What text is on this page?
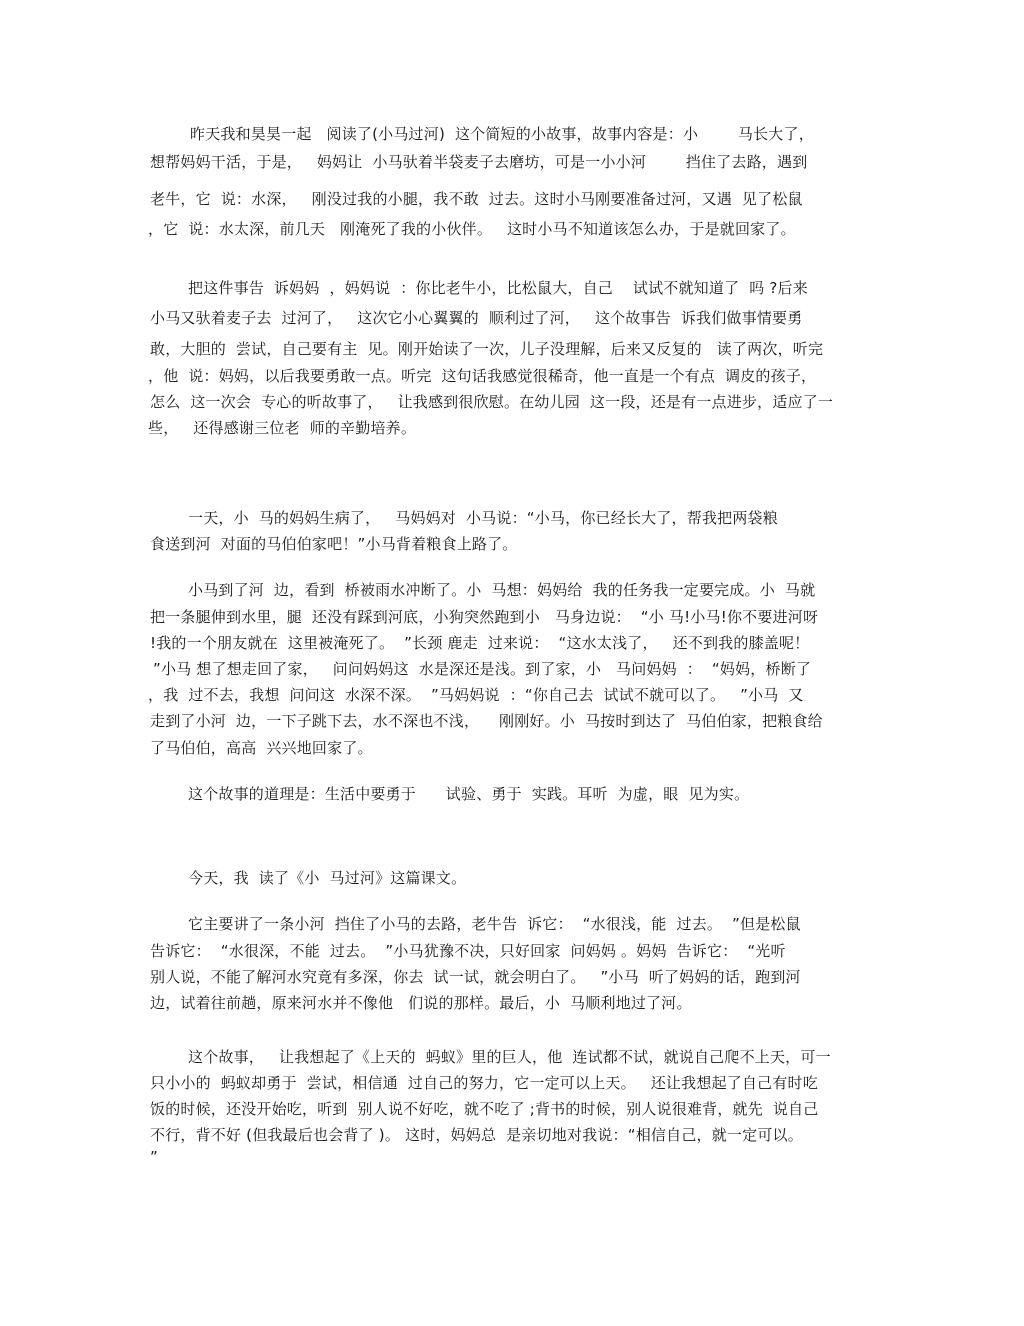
昨天我和昊昊一起   阅读了(小马过河)  这个简短的小故事，故事内容是：小        马长大了，
想帮妈妈干活，于是，   妈妈让  小马驮着半袋麦子去磨坊，可是一小小河        挡住了去路，遇到
老牛，它  说：水深，   刚没过我的小腿，我不敢  过去。这时小马刚要准备过河，又遇  见了松鼠
，它  说：水太深，前几天   刚淹死了我的小伙伴。   这时小马不知道该怎么办，于是就回家了。
把这件事告  诉妈妈  ，妈妈说  ：你比老牛小，比松鼠大，自己    试试不就知道了  吗 ?后来
小马又驮着麦子去  过河了，   这次它小心翼翼的  顺利过了河，   这个故事告  诉我们做事情要勇
敢，大胆的  尝试，自己要有主  见。刚开始读了一次，儿子没理解，后来又反复的   读了两次，听完
，他  说：妈妈，以后我要勇敢一点。听完  这句话我感觉很稀奇，他一直是一个有点  调皮的孩子，
怎么  这一次会  专心的听故事了，   让我感到很欣慰。在幼儿园  这一段，还是有一点进步，适应了一
些，   还得感谢三位老  师的辛勤培养。
一天，小  马的妈妈生病了，   马妈妈对  小马说：“小马，你已经长大了，帮我把两袋粮
食送到河  对面的马伯伯家吧！”小马背着粮食上路了。
小马到了河  边，看到  桥被雨水冲断了。小  马想：妈妈给  我的任务我一定要完成。小  马就
把一条腿伸到水里，腿  还没有踩到河底，小狗突然跑到小   马身边说：  “小 马!小马!你不要进河呀
!我的一个朋友就在  这里被淹死了。  ”长颈 鹿走  过来说：  “这水太浅了，   还不到我的膝盖呢！
”小马 想了想走回了家，   问问妈妈这  水是深还是浅。到了家，小   马问妈妈  ：  “妈妈，桥断了
，我  过不去，我想  问问这  水深不深。  ”马妈妈说  ：“你自己去  试试不就可以了。   ”小马  又
走到了小河  边，一下子跳下去，水不深也不浅，    刚刚好。小  马按时到达了  马伯伯家，把粮食给
了马伯伯，高高  兴兴地回家了。
这个故事的道理是：生活中要勇于      试验、勇于  实践。耳听  为虚，眼  见为实。
今天，我  读了《小  马过河》这篇课文。
它主要讲了一条小河  挡住了小马的去路，老牛告  诉它：  “水很浅，能  过去。  ”但是松鼠
告诉它：  “水很深，不能  过去。  ”小马犹豫不决，只好回家  问妈妈 。妈妈  告诉它：  “光听
别人说，不能了解河水究竟有多深，你去  试一试，就会明白了。   ”小马  听了妈妈的话，跑到河
边，试着往前趟，原来河水并不像他   们说的那样。最后，小  马顺利地过了河。
这个故事，   让我想起了《上天的  蚂蚁》里的巨人，他  连试都不试，就说自己爬不上天，可一
只小小的  蚂蚁却勇于  尝试，相信通  过自己的努力，它一定可以上天。   还让我想起了自己有时吃
饭的时候，还没开始吃，听到  别人说不好吃，就不吃了 ;背书的时候，别人说很难背，就先  说自己
不行，背不好 (但我最后也会背了 )。 这时，妈妈总  是亲切地对我说：“相信自己，就一定可以。
”
